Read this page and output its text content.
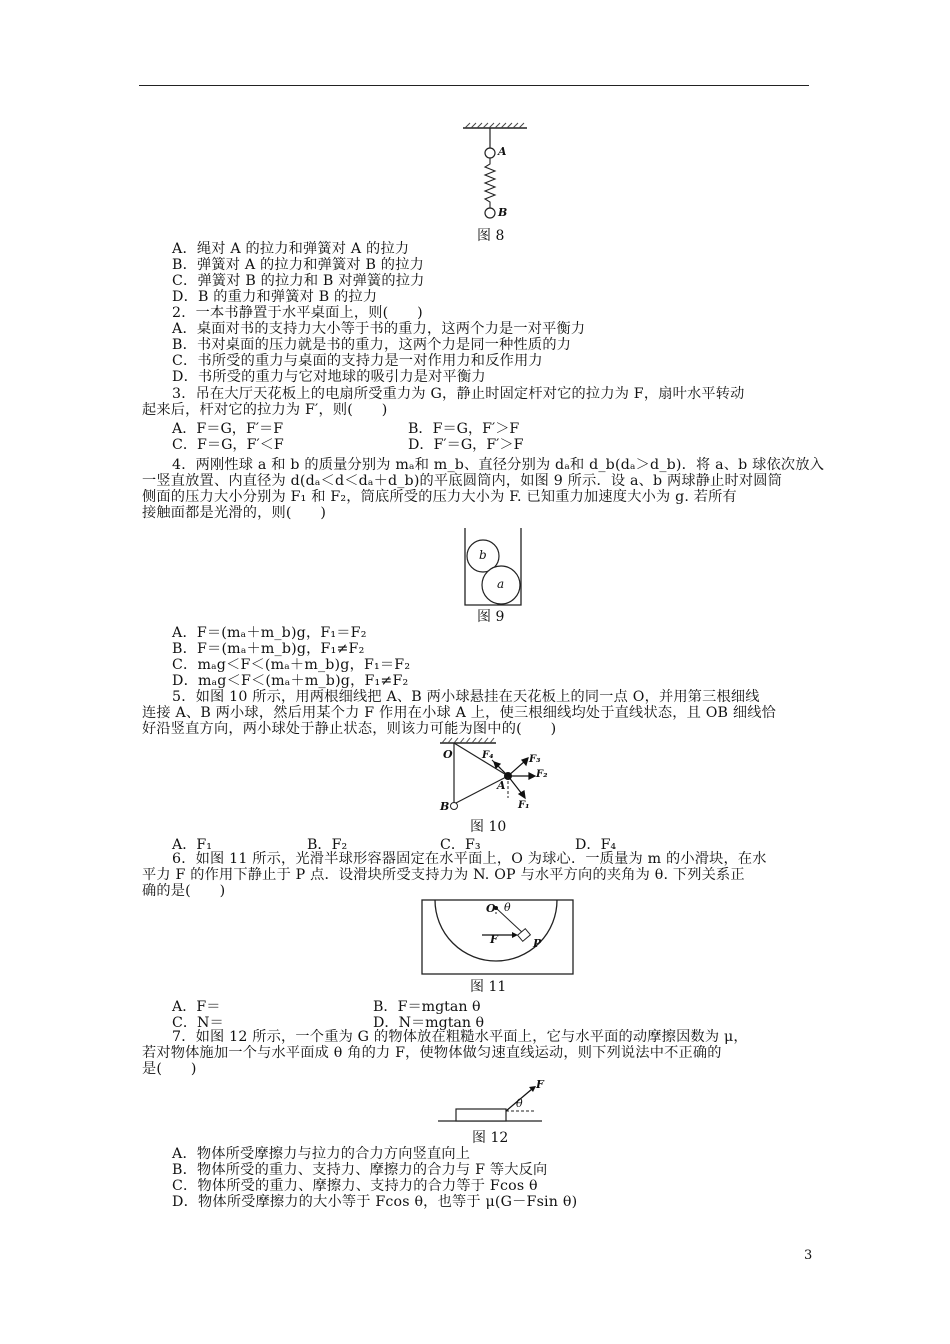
A
B
图 8
A．绳对 A 的拉力和弹簧对 A 的拉力
B．弹簧对 A 的拉力和弹簧对 B 的拉力
C．弹簧对 B 的拉力和 B 对弹簧的拉力
D．B 的重力和弹簧对 B 的拉力
2．一本书静置于水平桌面上，则(　　)
A．桌面对书的支持力大小等于书的重力，这两个力是一对平衡力
B．书对桌面的压力就是书的重力，这两个力是同一种性质的力
C．书所受的重力与桌面的支持力是一对作用力和反作用力
D．书所受的重力与它对地球的吸引力是对平衡力
3．吊在大厅天花板上的电扇所受重力为 G，静止时固定杆对它的拉力为 F，扇叶水平转动
起来后，杆对它的拉力为 F′，则(　　)
A．F＝G，F′＝F	B．F＝G，F′＞F
C．F＝G，F′＜F	D．F′＝G，F′＞F
4．两刚性球 a 和 b 的质量分别为 mₐ和 m_b、直径分别为 dₐ和 d_b(dₐ＞d_b)．将 a、b 球依次放入
一竖直放置、内直径为 d(dₐ＜d＜dₐ＋d_b)的平底圆筒内，如图 9 所示．设 a、b 两球静止时对圆筒
侧面的压力大小分别为 F₁ 和 F₂，筒底所受的压力大小为 F. 已知重力加速度大小为 g. 若所有
接触面都是光滑的，则(　　)
b
a
图 9
A．F＝(mₐ＋m_b)g，F₁＝F₂
B．F＝(mₐ＋m_b)g，F₁≠F₂
C．mₐg＜F＜(mₐ＋m_b)g，F₁＝F₂
D．mₐg＜F＜(mₐ＋m_b)g，F₁≠F₂
5．如图 10 所示，用两根细线把 A、B 两小球悬挂在天花板上的同一点 O，并用第三根细线
连接 A、B 两小球，然后用某个力 F 作用在小球 A 上，使三根细线均处于直线状态，且 OB 细线恰
好沿竖直方向，两小球处于静止状态，则该力可能为图中的(　　)
O
A
B
F₄	F₃
F₂
F₁
图 10
A．F₁	B．F₂	C．F₃	D．F₄
6．如图 11 所示，光滑半球形容器固定在水平面上，O 为球心．一质量为 m 的小滑块，在水
平力 F 的作用下静止于 P 点．设滑块所受支持力为 N. OP 与水平方向的夹角为 θ. 下列关系正
确的是(　　)
O θ
F	P
图 11
A．F＝	B．F＝mgtan θ
C．N＝	D．N＝mgtan θ
7．如图 12 所示，一个重为 G 的物体放在粗糙水平面上，它与水平面的动摩擦因数为 μ，
若对物体施加一个与水平面成 θ 角的力 F，使物体做匀速直线运动，则下列说法中不正确的
是(　　)
F
θ
图 12
A．物体所受摩擦力与拉力的合力方向竖直向上
B．物体所受的重力、支持力、摩擦力的合力与 F 等大反向
C．物体所受的重力、摩擦力、支持力的合力等于 Fcos θ
D．物体所受摩擦力的大小等于 Fcos θ，也等于 μ(G－Fsin θ)
3
